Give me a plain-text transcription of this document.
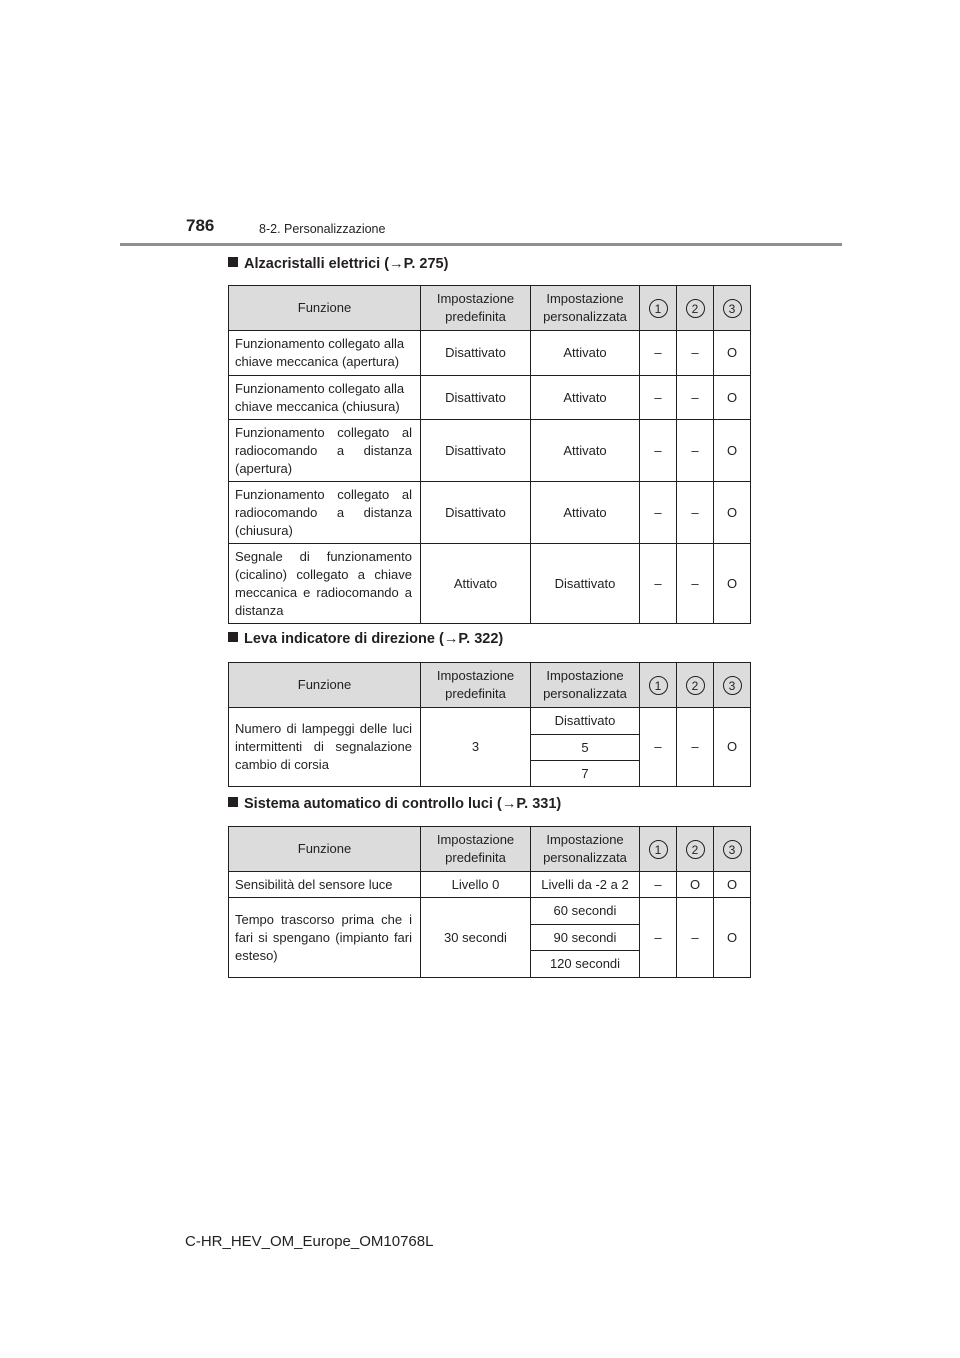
786	8-2. Personalizzazione
Alzacristalli elettrici (→P. 275)
Funzione	Impostazione predefinita	Impostazione personalizzata	1	2	3
Funzionamento collegato alla chiave meccanica (apertura)	Disattivato	Attivato	–	–	O
Funzionamento collegato alla chiave meccanica (chiusura)	Disattivato	Attivato	–	–	O
Funzionamento collegato al radiocomando a distanza (apertura)	Disattivato	Attivato	–	–	O
Funzionamento collegato al radiocomando a distanza (chiusura)	Disattivato	Attivato	–	–	O
Segnale di funzionamento (cicalino) collegato a chiave meccanica e radiocomando a distanza	Attivato	Disattivato	–	–	O
Leva indicatore di direzione (→P. 322)
Funzione	Impostazione predefinita	Impostazione personalizzata	1	2	3
Numero di lampeggi delle luci intermittenti di segnalazione cambio di corsia	3	Disattivato	–	–	O
		5			
		7			
Sistema automatico di controllo luci (→P. 331)
Funzione	Impostazione predefinita	Impostazione personalizzata	1	2	3
Sensibilità del sensore luce	Livello 0	Livelli da -2 a 2	–	O	O
Tempo trascorso prima che i fari si spengano (impianto fari esteso)	30 secondi	60 secondi	–	–	O
		90 secondi			
		120 secondi			
C-HR_HEV_OM_Europe_OM10768L
